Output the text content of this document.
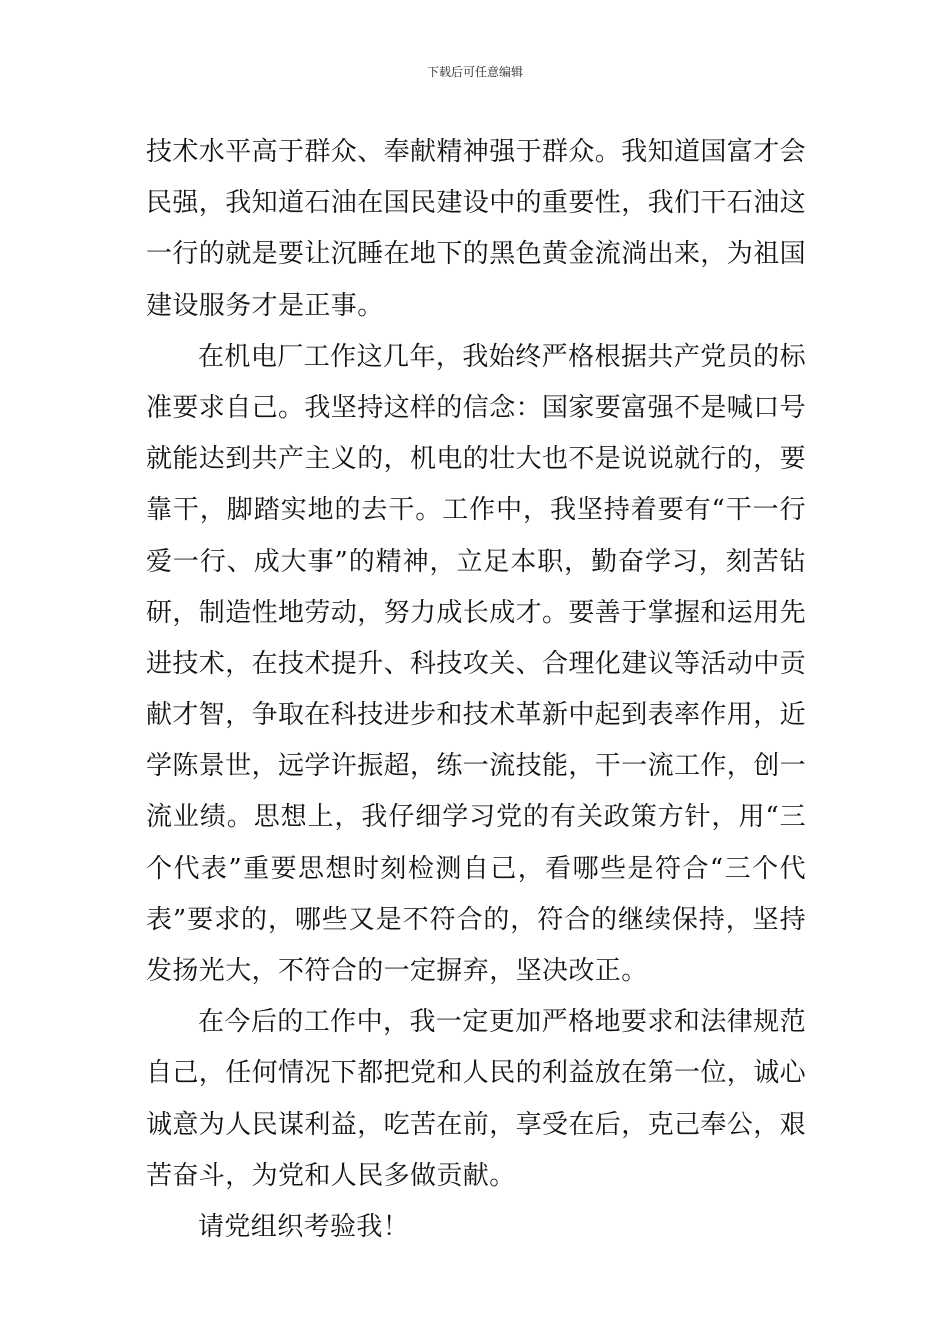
下载后可任意编辑
技术水平高于群众、奉献精神强于群众。我知道国富才会
民强，我知道石油在国民建设中的重要性，我们干石油这
一行的就是要让沉睡在地下的黑色黄金流淌出来，为祖国
建设服务才是正事。
在机电厂工作这几年，我始终严格根据共产党员的标
准要求自己。我坚持这样的信念：国家要富强不是喊口号
就能达到共产主义的，机电的壮大也不是说说就行的，要
靠干，脚踏实地的去干。工作中，我坚持着要有“干一行
爱一行、成大事”的精神，立足本职，勤奋学习，刻苦钻
研，制造性地劳动，努力成长成才。要善于掌握和运用先
进技术，在技术提升、科技攻关、合理化建议等活动中贡
献才智，争取在科技进步和技术革新中起到表率作用，近
学陈景世，远学许振超，练一流技能，干一流工作，创一
流业绩。思想上，我仔细学习党的有关政策方针，用“三
个代表”重要思想时刻检测自己，看哪些是符合“三个代
表”要求的，哪些又是不符合的，符合的继续保持，坚持
发扬光大，不符合的一定摒弃，坚决改正。
在今后的工作中，我一定更加严格地要求和法律规范
自己，任何情况下都把党和人民的利益放在第一位，诚心
诚意为人民谋利益，吃苦在前，享受在后，克己奉公，艰
苦奋斗，为党和人民多做贡献。
请党组织考验我！
